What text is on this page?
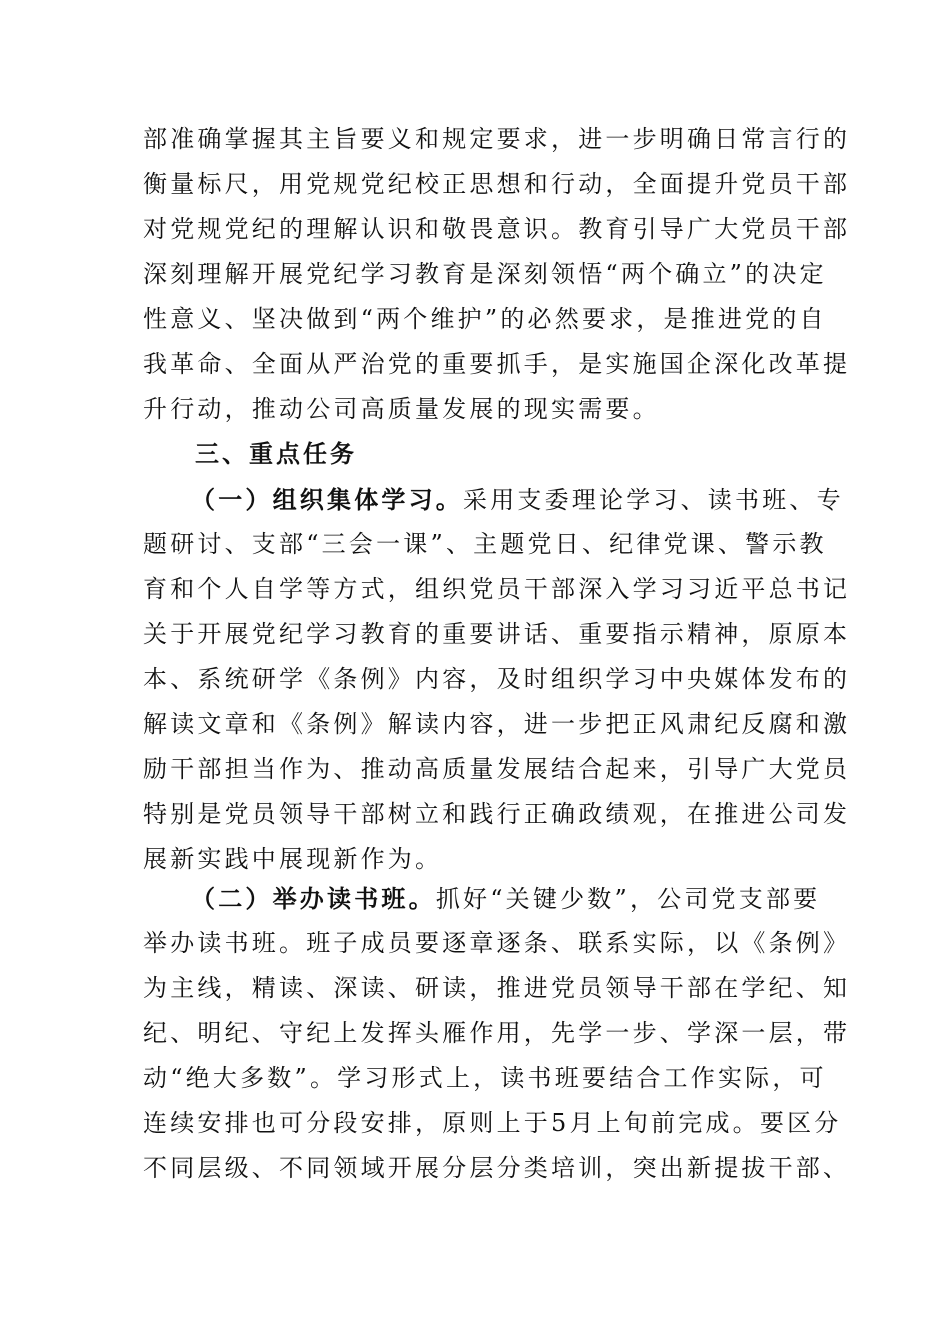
部准确掌握其主旨要义和规定要求，进一步明确日常言行的
衡量标尺，用党规党纪校正思想和行动，全面提升党员干部
对党规党纪的理解认识和敬畏意识。教育引导广大党员干部
深刻理解开展党纪学习教育是深刻领悟“两个确立”的决定
性意义、坚决做到“两个维护”的必然要求，是推进党的自
我革命、全面从严治党的重要抓手，是实施国企深化改革提
升行动，推动公司高质量发展的现实需要。
三、重点任务
（一）组织集体学习。采用支委理论学习、读书班、专
题研讨、支部“三会一课”、主题党日、纪律党课、警示教
育和个人自学等方式，组织党员干部深入学习习近平总书记
关于开展党纪学习教育的重要讲话、重要指示精神，原原本
本、系统研学《条例》内容，及时组织学习中央媒体发布的
解读文章和《条例》解读内容，进一步把正风肃纪反腐和激
励干部担当作为、推动高质量发展结合起来，引导广大党员
特别是党员领导干部树立和践行正确政绩观，在推进公司发
展新实践中展现新作为。
（二）举办读书班。抓好“关键少数”，公司党支部要
举办读书班。班子成员要逐章逐条、联系实际，以《条例》
为主线，精读、深读、研读，推进党员领导干部在学纪、知
纪、明纪、守纪上发挥头雁作用，先学一步、学深一层，带
动“绝大多数”。学习形式上，读书班要结合工作实际，可
连续安排也可分段安排，原则上于5月上旬前完成。要区分
不同层级、不同领域开展分层分类培训，突出新提拔干部、
